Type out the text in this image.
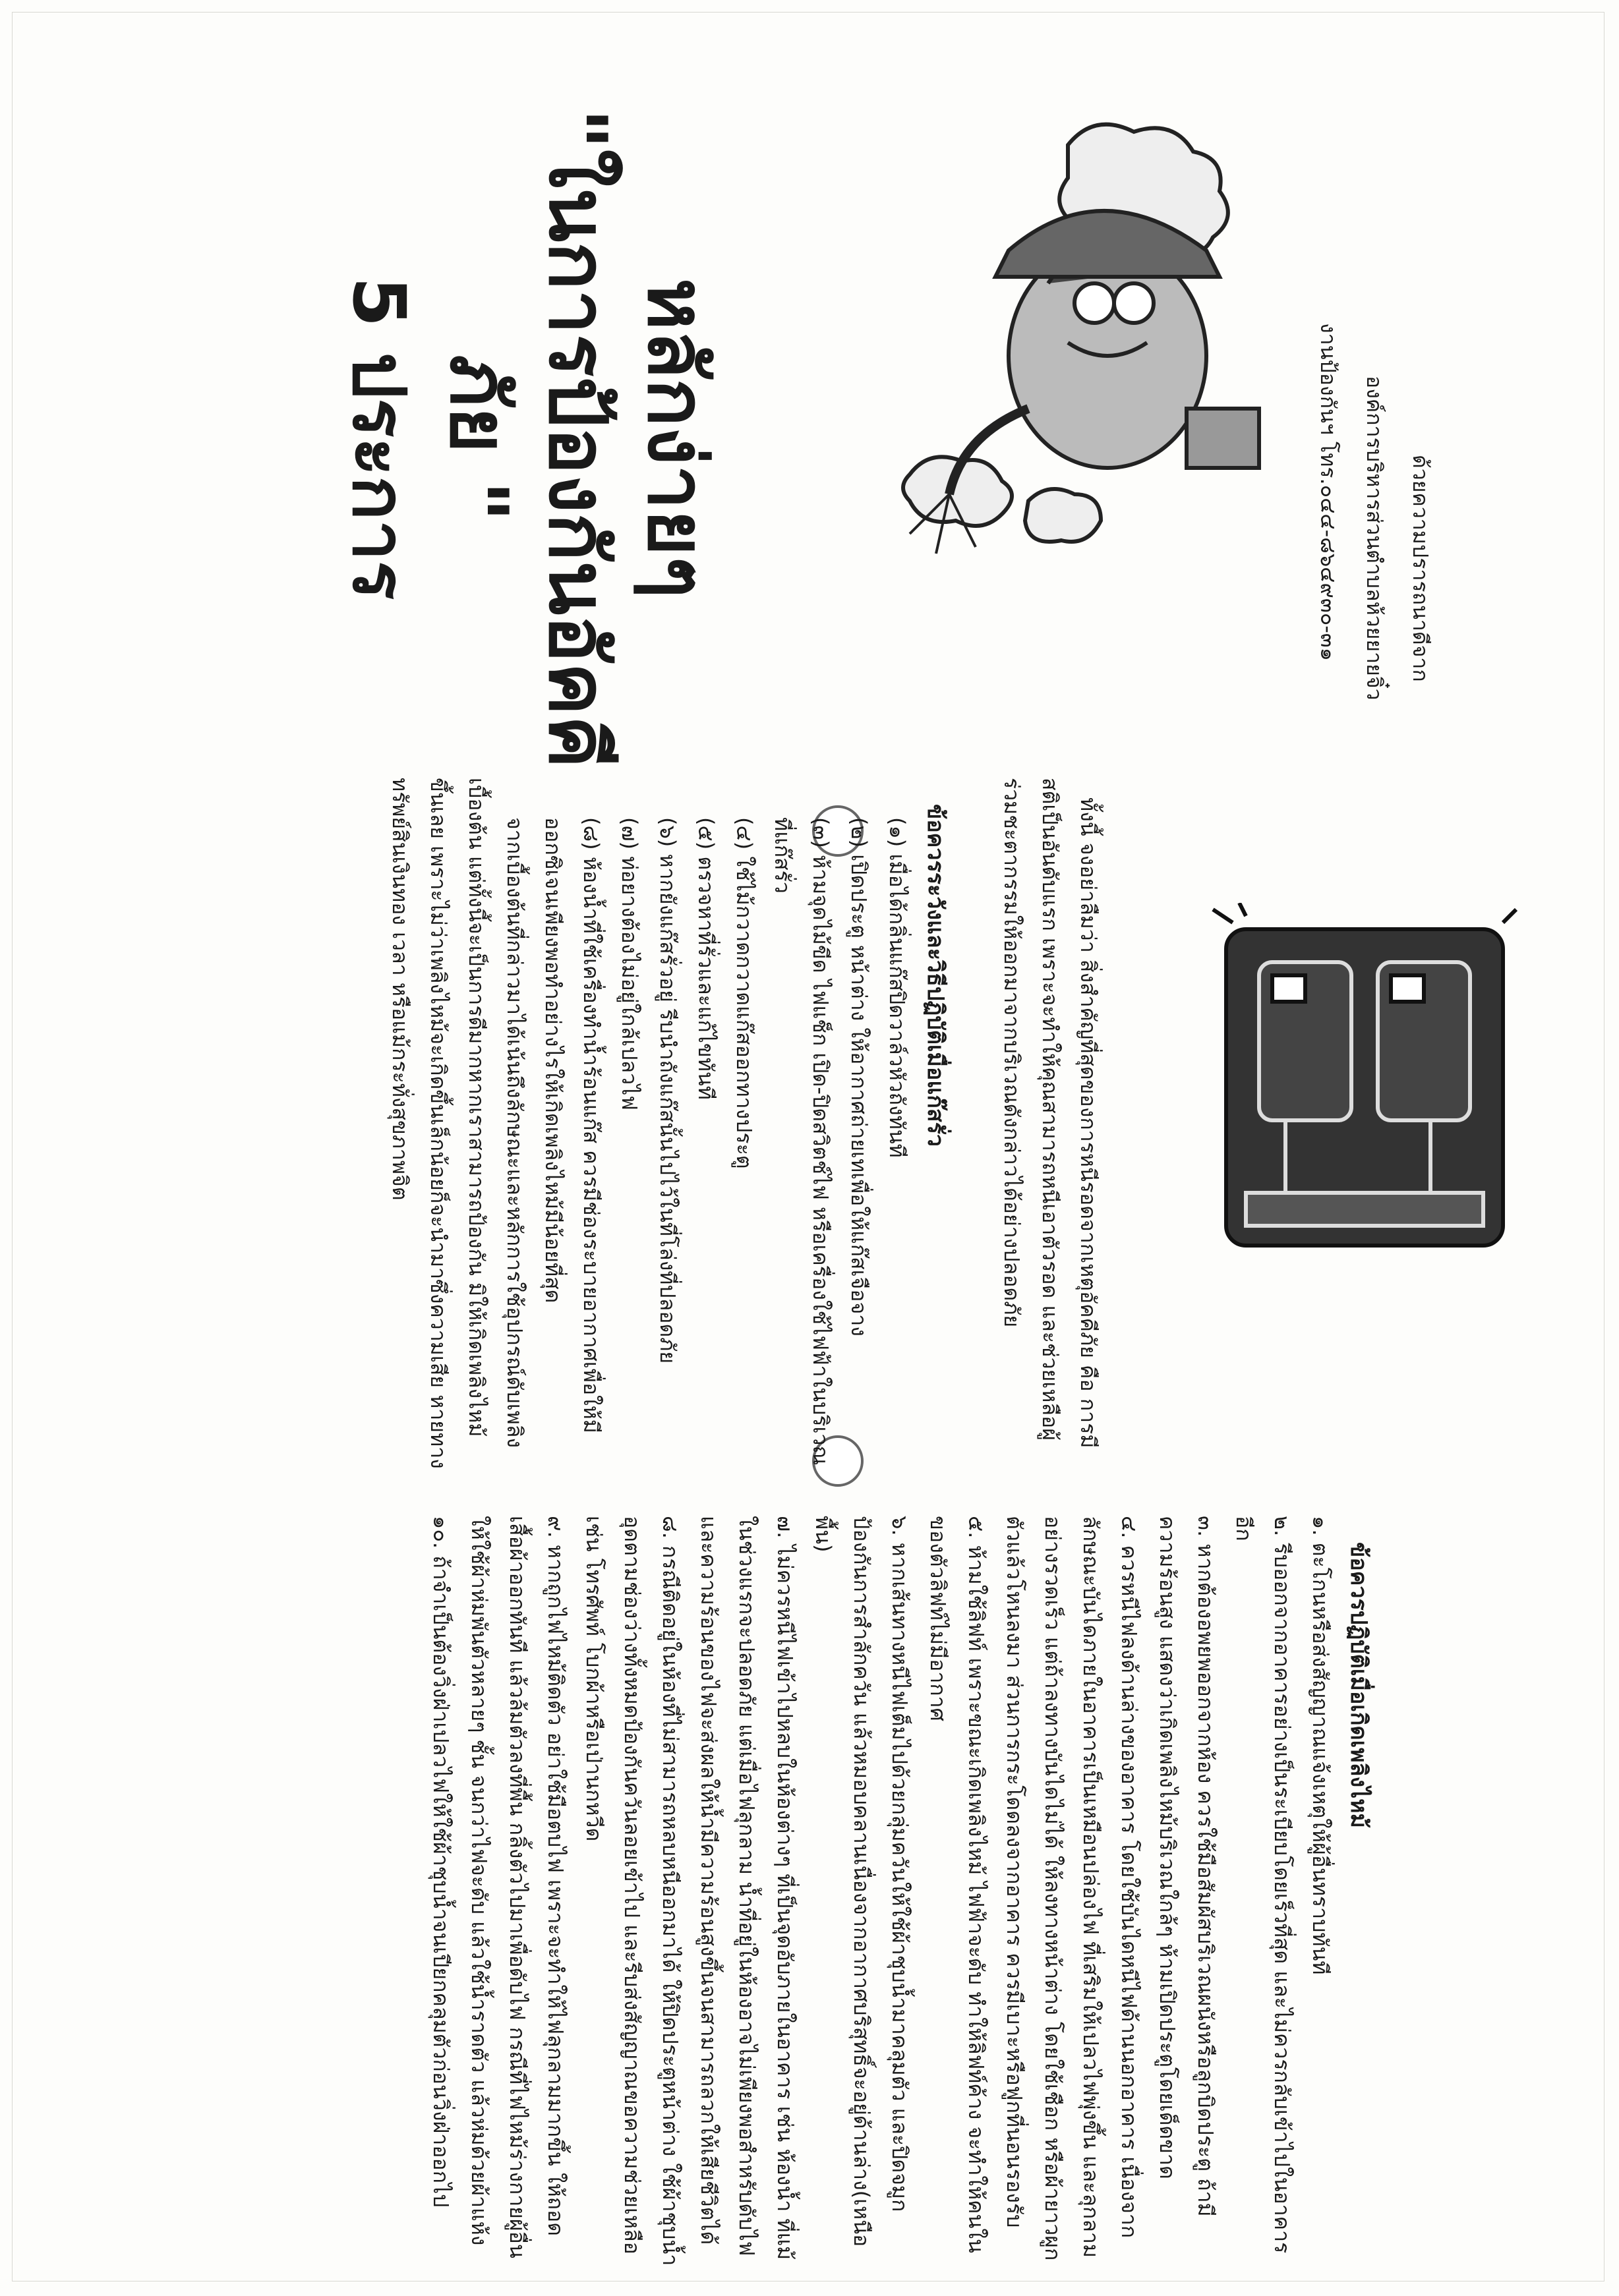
หลักง่ายๆ
"ในการป้องกันอัคคีภัย "
5 ประการ	ด้วยความปรารถนาดีจาก

องค์การบริหารส่วนตำบลห้วยยายจิ๋ว

งานป้องกันฯ โทร.๐๔๔-๘๖๔๙๓๐-๓๑

ทั้งนี้ จงอย่าลืมว่า สิ่งสำคัญที่สุดของการหนีรอดจากเหตุอัคคีภัย คือ การมีสติเป็นอันดับแรก เพราะจะทำให้คุณสามารถหนีเอาตัวรอด และช่วยเหลือผู้ร่วมชะตากรรมให้ออกมาจากบริเวณดังกล่าวได้อย่างปลอดภัย

ข้อควรระวังและวิธีปฏิบัติเมื่อแก๊สรั่ว

(๑) เมื่อได้กลิ่นแก๊สปิดวาล์วหัวถังทันที

(๒) เปิดประตู หน้าต่าง ให้อากาศถ่ายเทเพื่อให้แก๊สเจือจาง

(๓) ห้ามจุดไม้ขีด ไฟแช็ก เปิด-ปิดสวิตช์ไฟ หรือเครื่องใช้ไฟฟ้าในบริเวณที่แก๊สรั่ว

(๔) ใช้ไม้กวาดกวาดแก๊สออกทางประตู

(๕) ตรวจหาที่รั่วและแก้ไขทันที

(๖) หากยังแก๊สรั่วอยู่ รีบนำถังแก๊สนั้นไปไว้ในที่โล่งที่ปลอดภัย

(๗) ท่อยางต้องไม่อยู่ใกล้เปลวไฟ

(๘) ห้องน้ำที่ใช้เครื่องทำน้ำร้อนแก๊ส ควรมีช่องระบายอากาศเพื่อให้มีออกซิเจนเพียงพอทำอย่างไรให้เกิดเพลิงไหม้มีน้อยที่สุด

จากเบื้องต้นที่กล่าวมาได้เน้นถึงลักษณะและหลักการใช้อุปกรณ์ดับเพลิงเบื้องต้น แต่ทั้งนี้จะเป็นการดีมากหากเราสามารถป้องกัน มิให้เกิดเพลิงไหม้ ขึ้นเลย เพราะไม่ว่าเพลิงไหม้จะเกิดขึ้นเล็กน้อยก็จะนำมาซึ่งความเสีย หายทางทรัพย์สินเงินทอง เวลา หรือแม้กระทั่งสุขภาพจิต

ข้อควรปฏิบัติเมื่อเกิดเพลิงไหม้

๑. ตะโกนหรือส่งสัญญาณแจ้งเหตุให้ผู้อื่นทราบทันที

๒. รีบออกจากอาคารอย่างเป็นระเบียบโดยเร็วที่สุด และไม่ควรกลับเข้าไปในอาคารอีก

๓. หากต้องอพยพออกจากห้อง ควรใช้มือสัมผัสบริเวณผนังหรือลูกบิดประตู ถ้ามีความร้อนสูง แสดงว่าเกิดเพลิงไหม้บริเวณใกล้ๆ ห้ามเปิดประตูโดยเด็ดขาด

๔. ควรหนีไฟลงด้านล่างของอาคาร โดยใช้บันไดหนีไฟด้านนอกอาคาร เนื่องจากลักษณะบันไดภายในอาคารเป็นเหมือนปล่องไฟ ที่เสริมให้เปลวไฟพุ่งขึ้น และลุกลามอย่างรวดเร็ว แต่ถ้าลงทางบันไดไม่ได้ ให้ลงทางหน้าต่าง โดยใช้เชือก หรือผ้ายาวผูกตัวแล้วโหนลงมา ส่วนการกระโดดลงจากอาคาร ควรมีเบาะหรือฟูกที่นอนรองรับ

๕. ห้ามใช้ลิฟท์ เพราะขณะเกิดเพลิงไหม้ ไฟฟ้าจะดับ ทำให้ลิฟท์ค้าง จะทำให้คนในของตัวลิฟท์ไม่มีอากาศ

๖. หากเส้นทางหนีไฟเต็มไปด้วยกลุ่มควันให้ใช้ผ้าชุบน้ำมาคลุมตัว และปิดจมูก ป้องกันการสำลักควัน แล้วหมอบคลานเนื่องจากอากาศบริสุทธิ์จะอยู่ด้านล่าง(เหนือพื้น)

๗. ไม่ควรหนีไฟเข้าไปหลบในห้องต่างๆ ที่เป็นจุดอับภายในอาคาร เช่น ห้องน้ำ ที่แม้ในช่วงแรกจะปลอดภัย แต่เมื่อไฟลุกลาม น้ำที่อยู่ในห้องอาจไม่เพียงพอสำหรับดับไฟ และความร้อนของไฟจะส่งผลให้น้ำมีความร้อนสูงขึ้นจนสามารถลวกให้เสียชีวิตได้

๘. กรณีติดอยู่ในห้องที่ไม่สามารถหลบหนีออกมาได้ ให้ปิดประตูหน้าต่าง ใช้ผ้าชุบน้ำอุดตามช่องว่างทั้งหมดป้องกันควันลอยเข้าไป และรีบส่งสัญญาณขอความช่วยเหลือ เช่น โทรศัพท์ โบกผ้าหรือเป่านกหวีด

๙. หากถูกไฟไหม้ติดตัว อย่าใช้มือตบไฟ เพราะจะทำให้ไฟลุกลามมากขึ้น ให้ถอดเสื้อผ้าออกทันที แล้วล้มตัวลงที่พื้น กลิ้งตัวไปมาเพื่อดับไฟ กรณีที่ไฟไหม้ร่างกายผู้อื่น ให้ใช้ผ้าห่มพันตัวหลายๆ ชั้น จนกว่าไฟจะดับ แล้วใช้น้ำราดตัว แล้วห่มด้วยผ้าแห้ง

๑๐. ถ้าจำเป็นต้องวิ่งฝ่าเปลวไฟให้ใช้ผ้าชุบน้ำจนเปียกคลุมตัวก่อนวิ่งฝ่าออกไป
